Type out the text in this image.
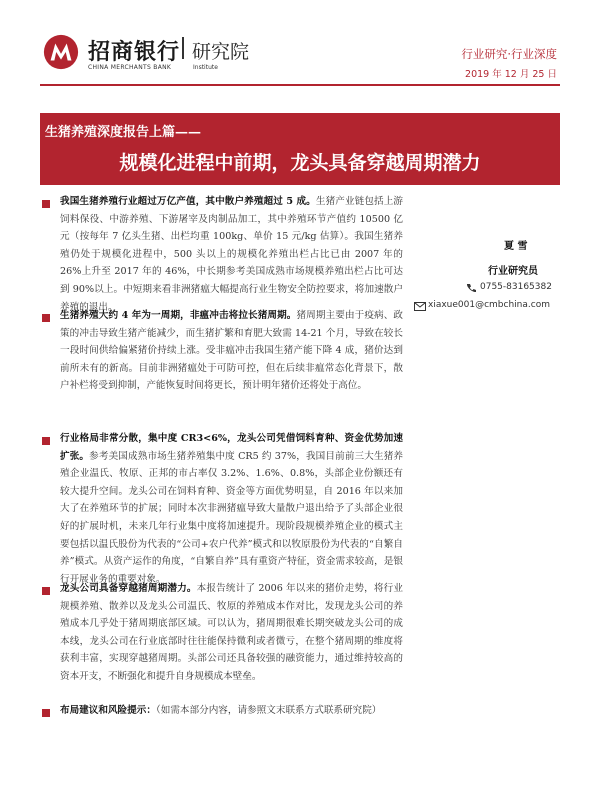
招商银行 研究院
CHINA MERCHANTS BANK	Institute
行业研究·行业深度
2019 年 12 月 25 日
生猪养殖深度报告上篇——
规模化进程中前期，龙头具备穿越周期潜力
我国生猪养殖行业超过万亿产值，其中散户养殖超过 5 成。生猪产业链包括上游饲料保役、中游养殖、下游屠宰及肉制品加工，其中养殖环节产值约 10500 亿元（按每年 7 亿头生猪、出栏均重 100kg、单价 15 元/kg 估算）。我国生猪养殖仍处于规模化进程中，500 头以上的规模化养殖出栏占比已由 2007 年的 26%上升至 2017 年的 46%，中长期参考美国成熟市场规模养殖出栏占比可达到 90%以上。中短期来看非洲猪瘟大幅提高行业生物安全防控要求，将加速散户养殖的退出。
生猪养殖大约 4 年为一周期，非瘟冲击将拉长猪周期。猪周期主要由于疫病、政策的冲击导致生猪产能减少，而生猪扩繁和育肥大致需 14-21 个月，导致在较长一段时间供给偏紧猪价持续上涨。受非瘟冲击我国生猪产能下降 4 成，猪价达到前所未有的新高。目前非洲猪瘟处于可防可控，但在后续非瘟常态化背景下，散户补栏将受到抑制，产能恢复时间将更长，预计明年猪价还将处于高位。
行业格局非常分散，集中度 CR3<6%，龙头公司凭借饲料育种、资金优势加速扩张。参考美国成熟市场生猪养殖集中度 CR5 约 37%，我国目前前三大生猪养殖企业温氏、牧原、正邦的市占率仅 3.2%、1.6%、0.8%，头部企业份额还有较大提升空间。龙头公司在饲料育种、资金等方面优势明显，自 2016 年以来加大了在养殖环节的扩展；同时本次非洲猪瘟导致大量散户退出给予了头部企业很好的扩展时机，未来几年行业集中度将加速提升。现阶段规模养殖企业的模式主要包括以温氏股份为代表的“公司+农户代养”模式和以牧原股份为代表的“自繁自养”模式。从资产运作的角度，“自繁自养”具有重资产特征，资金需求较高，是银行开展业务的重要对象。
龙头公司具备穿越猪周期潜力。本报告统计了 2006 年以来的猪价走势，将行业规模养殖、散养以及龙头公司温氏、牧原的养殖成本作对比，发现龙头公司的养殖成本几乎处于猪周期底部区域。可以认为，猪周期很难长期突破龙头公司的成本线，龙头公司在行业底部时往往能保持微利或者微亏，在整个猪周期的维度将获利丰富，实现穿越猪周期。头部公司还具备较强的融资能力，通过维持较高的资本开支，不断强化和提升自身规模成本壁垒。
布局建议和风险提示：（如需本部分内容，请参照文末联系方式联系研究院）
夏 雪
行业研究员
0755-83165382
xiaxue001@cmbchina.com
